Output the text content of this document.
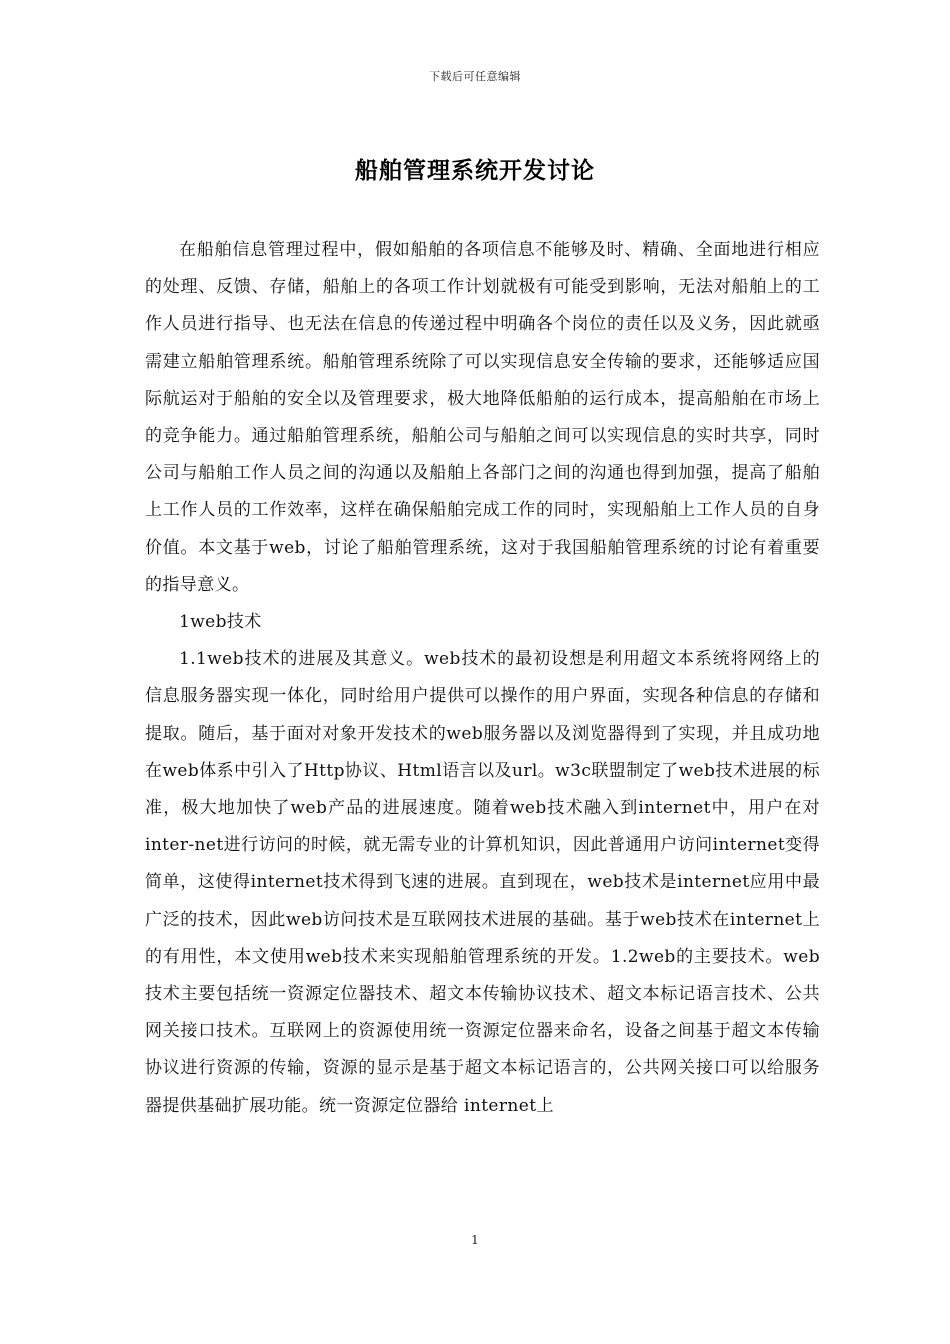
下载后可任意编辑
船舶管理系统开发讨论

在船舶信息管理过程中，假如船舶的各项信息不能够及时、精确、全面地进行相应的处理、反馈、存储，船舶上的各项工作计划就极有可能受到影响，无法对船舶上的工作人员进行指导、也无法在信息的传递过程中明确各个岗位的责任以及义务，因此就亟需建立船舶管理系统。船舶管理系统除了可以实现信息安全传输的要求，还能够适应国际航运对于船舶的安全以及管理要求，极大地降低船舶的运行成本，提高船舶在市场上的竞争能力。通过船舶管理系统，船舶公司与船舶之间可以实现信息的实时共享，同时公司与船舶工作人员之间的沟通以及船舶上各部门之间的沟通也得到加强，提高了船舶上工作人员的工作效率，这样在确保船舶完成工作的同时，实现船舶上工作人员的自身价值。本文基于web，讨论了船舶管理系统，这对于我国船舶管理系统的讨论有着重要的指导意义。

1web技术

1.1web技术的进展及其意义。web技术的最初设想是利用超文本系统将网络上的信息服务器实现一体化，同时给用户提供可以操作的用户界面，实现各种信息的存储和提取。随后，基于面对对象开发技术的web服务器以及浏览器得到了实现，并且成功地在web体系中引入了Http协议、Html语言以及url。w3c联盟制定了web技术进展的标准，极大地加快了web产品的进展速度。随着web技术融入到internet中，用户在对inter-net进行访问的时候，就无需专业的计算机知识，因此普通用户访问internet变得简单，这使得internet技术得到飞速的进展。直到现在，web技术是internet应用中最广泛的技术，因此web访问技术是互联网技术进展的基础。基于web技术在internet上的有用性，本文使用web技术来实现船舶管理系统的开发。1.2web的主要技术。web技术主要包括统一资源定位器技术、超文本传输协议技术、超文本标记语言技术、公共网关接口技术。互联网上的资源使用统一资源定位器来命名，设备之间基于超文本传输协议进行资源的传输，资源的显示是基于超文本标记语言的，公共网关接口可以给服务器提供基础扩展功能。统一资源定位器给 internet上

1
